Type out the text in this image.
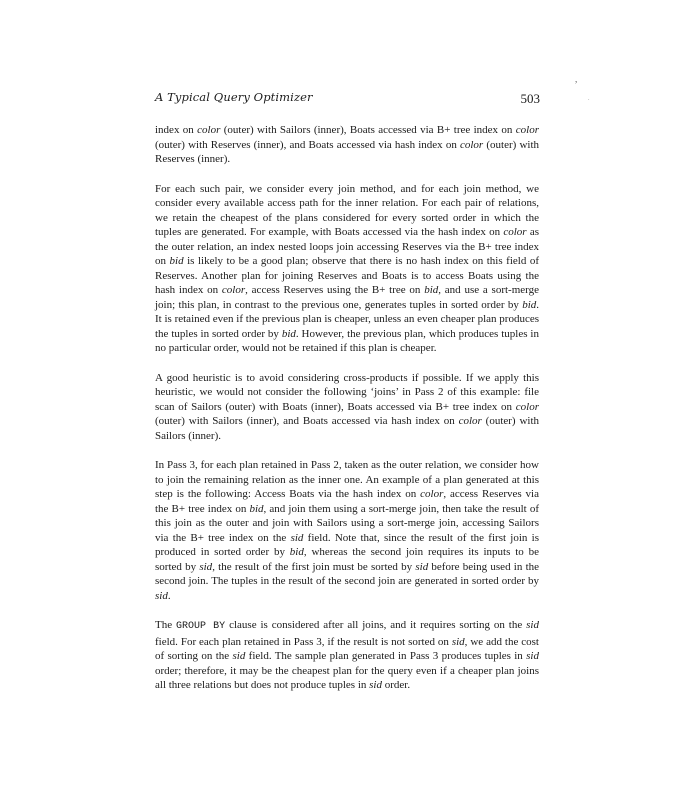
A Typical Query Optimizer	503
,
.

index on color (outer) with Sailors (inner), Boats accessed via B+ tree index on color (outer) with Reserves (inner), and Boats accessed via hash index on color (outer) with Reserves (inner).

For each such pair, we consider every join method, and for each join method, we consider every available access path for the inner relation. For each pair of relations, we retain the cheapest of the plans considered for every sorted order in which the tuples are generated. For example, with Boats accessed via the hash index on color as the outer relation, an index nested loops join accessing Reserves via the B+ tree index on bid is likely to be a good plan; observe that there is no hash index on this field of Reserves. Another plan for joining Reserves and Boats is to access Boats using the hash index on color, access Reserves using the B+ tree on bid, and use a sort-merge join; this plan, in contrast to the previous one, generates tuples in sorted order by bid. It is retained even if the previous plan is cheaper, unless an even cheaper plan produces the tuples in sorted order by bid. However, the previous plan, which produces tuples in no particular order, would not be retained if this plan is cheaper.

A good heuristic is to avoid considering cross-products if possible. If we apply this heuristic, we would not consider the following ‘joins’ in Pass 2 of this example: file scan of Sailors (outer) with Boats (inner), Boats accessed via B+ tree index on color (outer) with Sailors (inner), and Boats accessed via hash index on color (outer) with Sailors (inner).

In Pass 3, for each plan retained in Pass 2, taken as the outer relation, we consider how to join the remaining relation as the inner one. An example of a plan generated at this step is the following: Access Boats via the hash index on color, access Reserves via the B+ tree index on bid, and join them using a sort-merge join, then take the result of this join as the outer and join with Sailors using a sort-merge join, accessing Sailors via the B+ tree index on the sid field. Note that, since the result of the first join is produced in sorted order by bid, whereas the second join requires its inputs to be sorted by sid, the result of the first join must be sorted by sid before being used in the second join. The tuples in the result of the second join are generated in sorted order by sid.

The GROUP BY clause is considered after all joins, and it requires sorting on the sid field. For each plan retained in Pass 3, if the result is not sorted on sid, we add the cost of sorting on the sid field. The sample plan generated in Pass 3 produces tuples in sid order; therefore, it may be the cheapest plan for the query even if a cheaper plan joins all three relations but does not produce tuples in sid order.
